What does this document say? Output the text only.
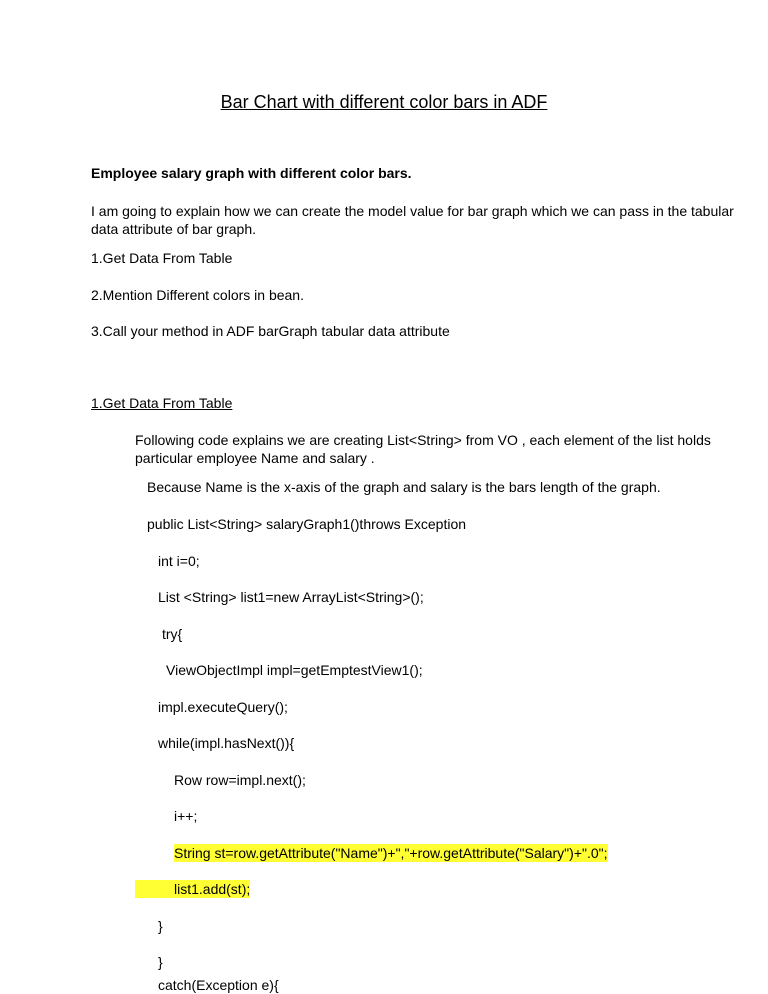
Bar Chart with different color bars in ADF
Employee salary graph with different color bars.
I am going to explain how we can create the model value for bar graph which we can pass in the tabular
data attribute of bar graph.
1.Get Data From Table
2.Mention Different colors in bean.
3.Call your method in ADF barGraph tabular data attribute
1.Get Data From Table
Following code explains we are creating List<String> from VO , each element of the list holds
particular employee Name and salary .
Because Name is the x-axis of the graph and salary is the bars length of the graph.
public List<String> salaryGraph1()throws Exception
int i=0;
List <String> list1=new ArrayList<String>();
try{
ViewObjectImpl impl=getEmptestView1();
impl.executeQuery();
while(impl.hasNext()){
Row row=impl.next();
i++;
String st=row.getAttribute("Name")+","+row.getAttribute("Salary")+".0";
list1.add(st);
}
}
catch(Exception e){
